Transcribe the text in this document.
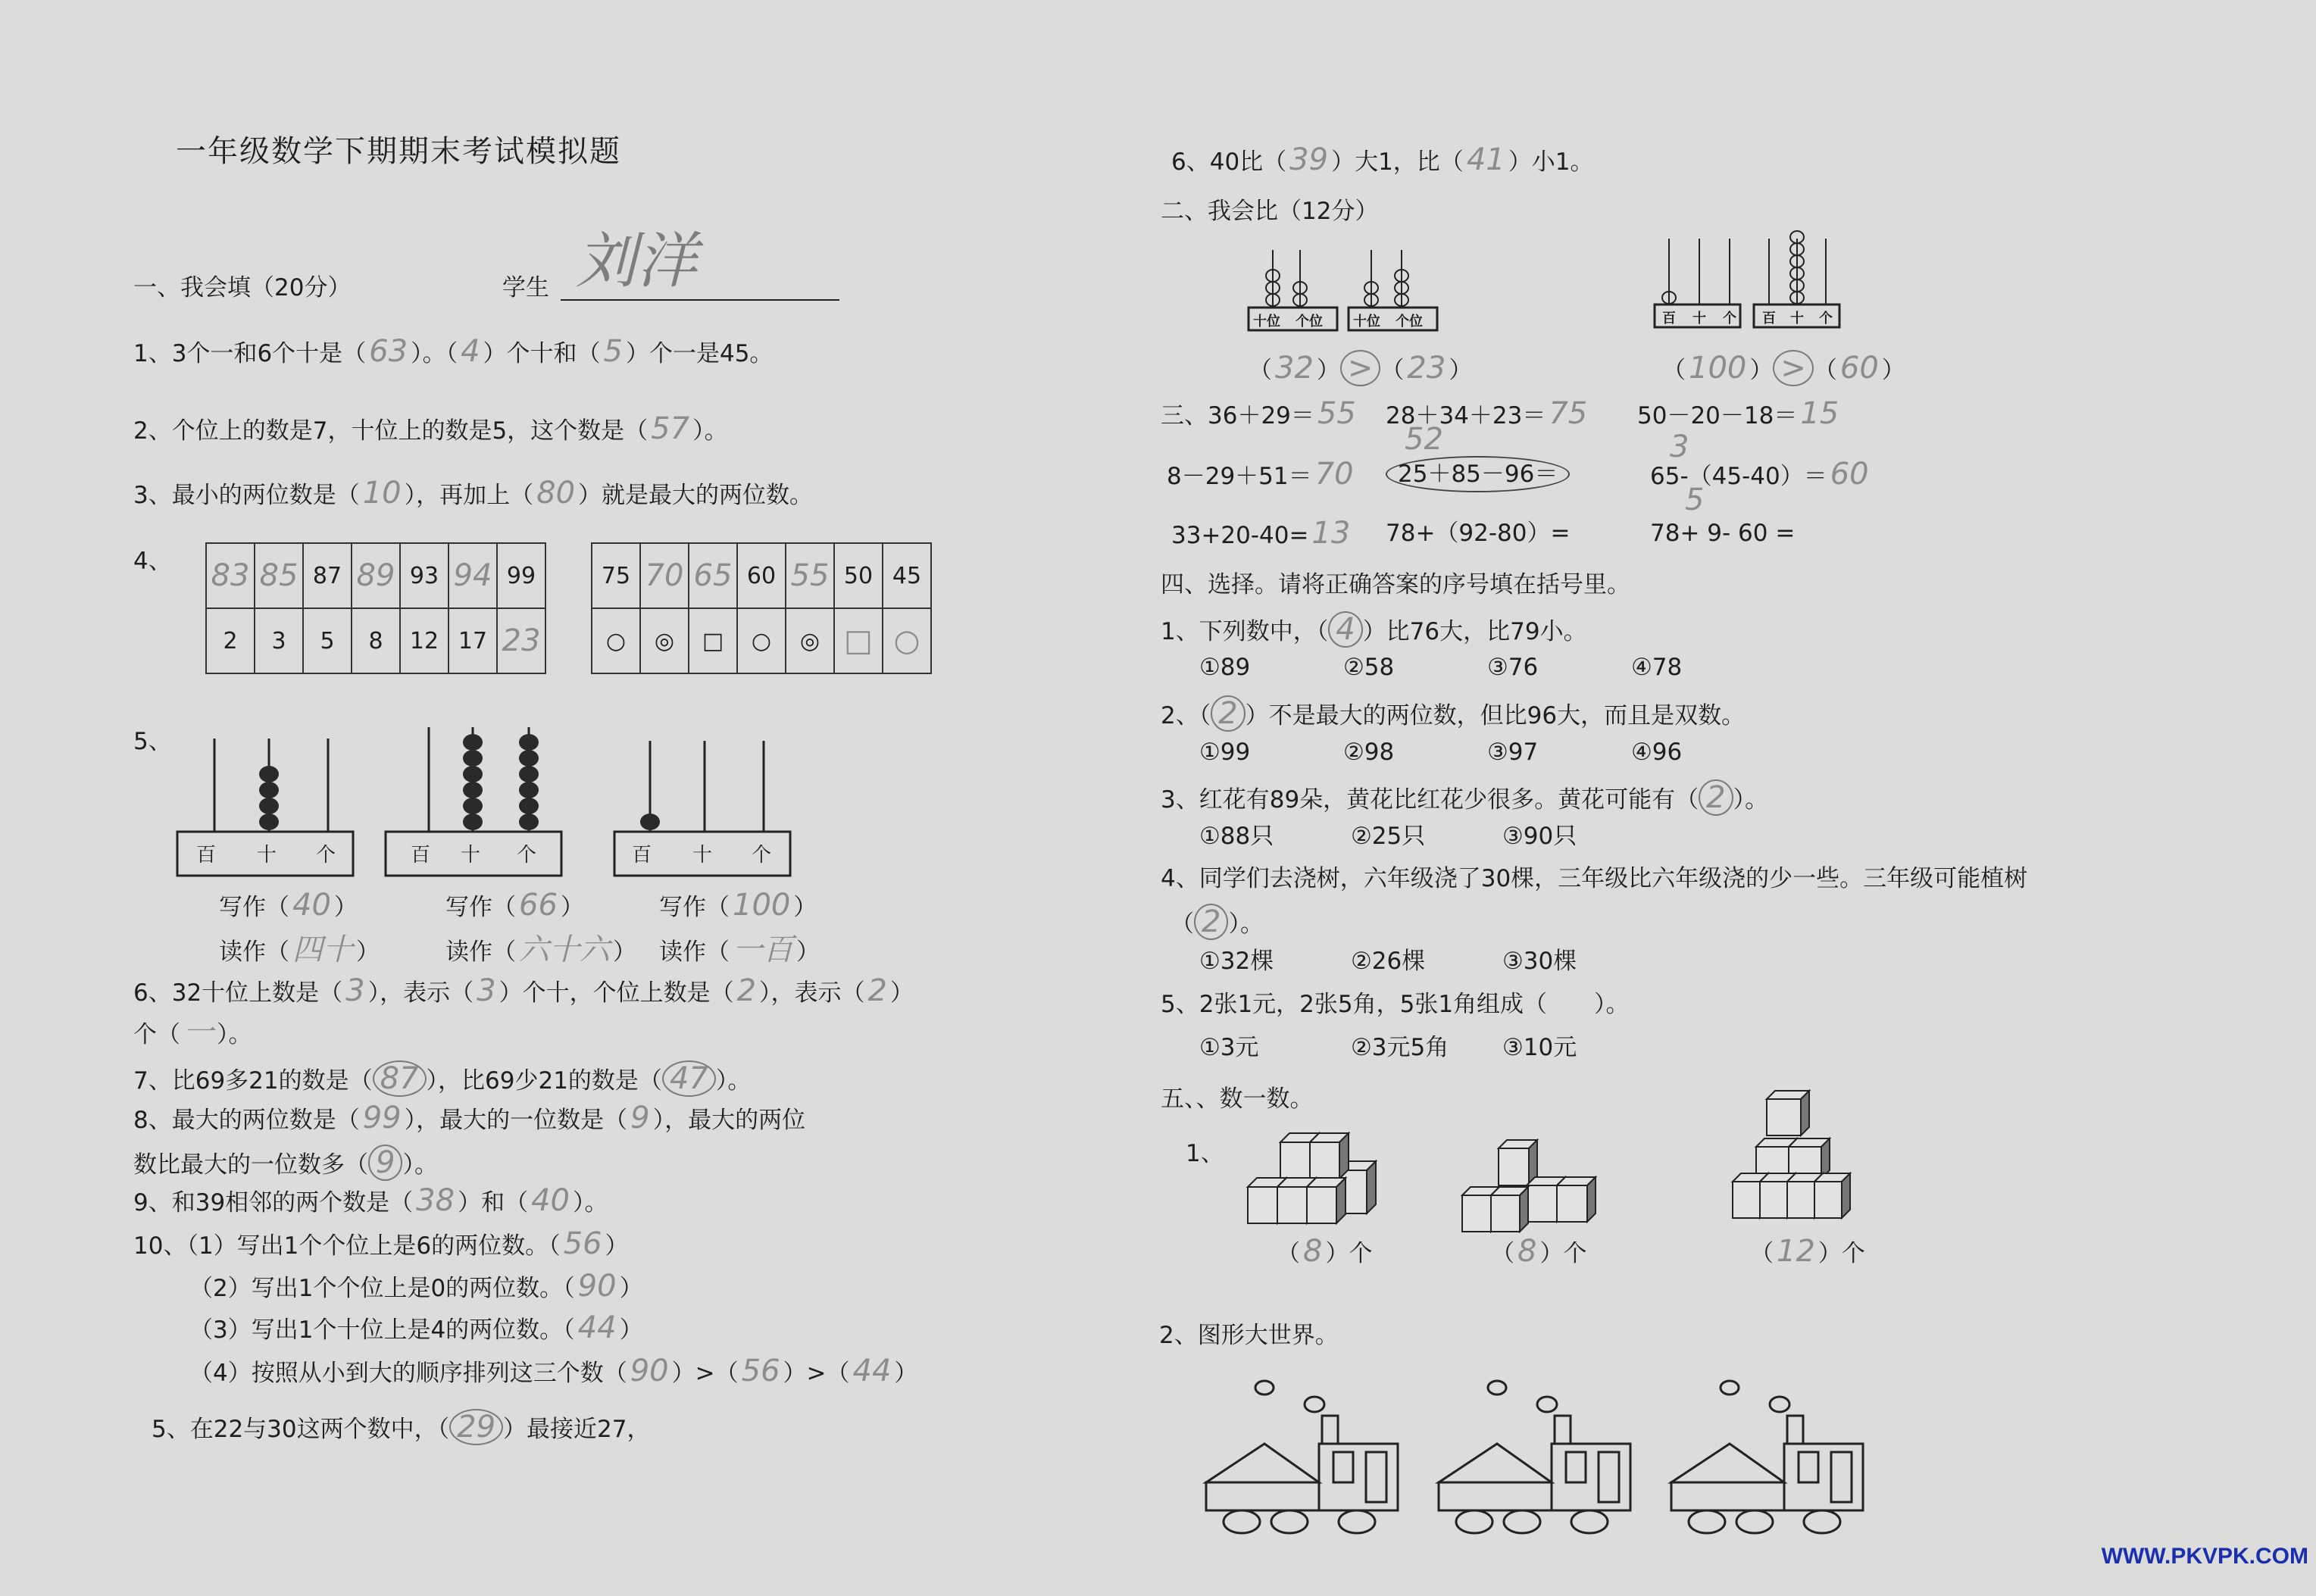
一年级数学下期期末考试模拟题
一、我会填（20分）	学生 刘洋
1、3个一和6个十是（ 63 ）。（ 4 ）个十和（ 5 ）个一是45。
2、个位上的数是7，十位上的数是5，这个数是（ 57 ）。
3、最小的两位数是（ 10 ），再加上（ 80 ）就是最大的两位数。
4、 83	85	87	89	93	94	99
2	3	5	8	12	17	23
75	70	65	60	55	50	45
○	◎	□	○	◎	□	○
5、
写作（ 40 ）	写作（ 66 ）	写作（ 100 ）
读作（ 四十 ）	读作（ 六十六 ） 读作（ 一百 ）
6、32十位上数是（ 3 ），表示（ 3 ）个十，个位上数是（ 2 ），表示（ 2 ）
个（ 一 ）。
7、比69多21的数是（ 87 ），比69少21的数是（ 47 ）。
8、最大的两位数是（ 99 ），最大的一位数是（ 9 ），最大的两位
数比最大的一位数多（ 9 ）。
9、和39相邻的两个数是（ 38 ）和（ 40 ）。
10、（1）写出1个个位上是6的两位数。（ 56 ）
（2）写出1个个位上是0的两位数。（ 90 ）
（3）写出1个十位上是4的两位数。（ 44 ）
（4）按照从小到大的顺序排列这三个数（ 90 ）>（ 56 ）>（ 44 ）
5、在22与30这两个数中，（ 29 ）最接近27，
6、40比（ 39 ）大1，比（ 41 ）小1。
二、我会比（12分）
（ 32 ） > （ 23 ）	（ 100 ） > （ 60 ）
三、36＋29＝ 55 28＋34＋23＝ 75 50－20－18＝ 15
52	3
5
8－29＋51＝ 70	25＋85－96＝	65-（45-40）＝ 60
33+20-40= 13 78+（92-80）=	78+ 9- 60 =
四、选择。请将正确答案的序号填在括号里。
1、下列数中，（ 4 ）比76大，比79小。
①89	②58	③76	④78
2、（ 2 ）不是最大的两位数，但比96大，而且是双数。
①99	②98	③97	④96
3、红花有89朵，黄花比红花少很多。黄花可能有（ 2 ）。
①88只	②25只	③90只
4、同学们去浇树，六年级浇了30棵，三年级比六年级浇的少一些。三年级可能植树
（ 2 ）。
①32棵	②26棵	③30棵
5、2张1元，2张5角，5张1角组成（　　）。
①3元	②3元5角 ③10元
五、、数一数。
1、
（ 8 ）个	（ 8 ）个	（ 12 ）个
2、图形大世界。
WWW.PKVPK.COM
百 十 个	百 十 个	百 十 个
十位 个位 十位 个位	百 十 个 百 十 个
